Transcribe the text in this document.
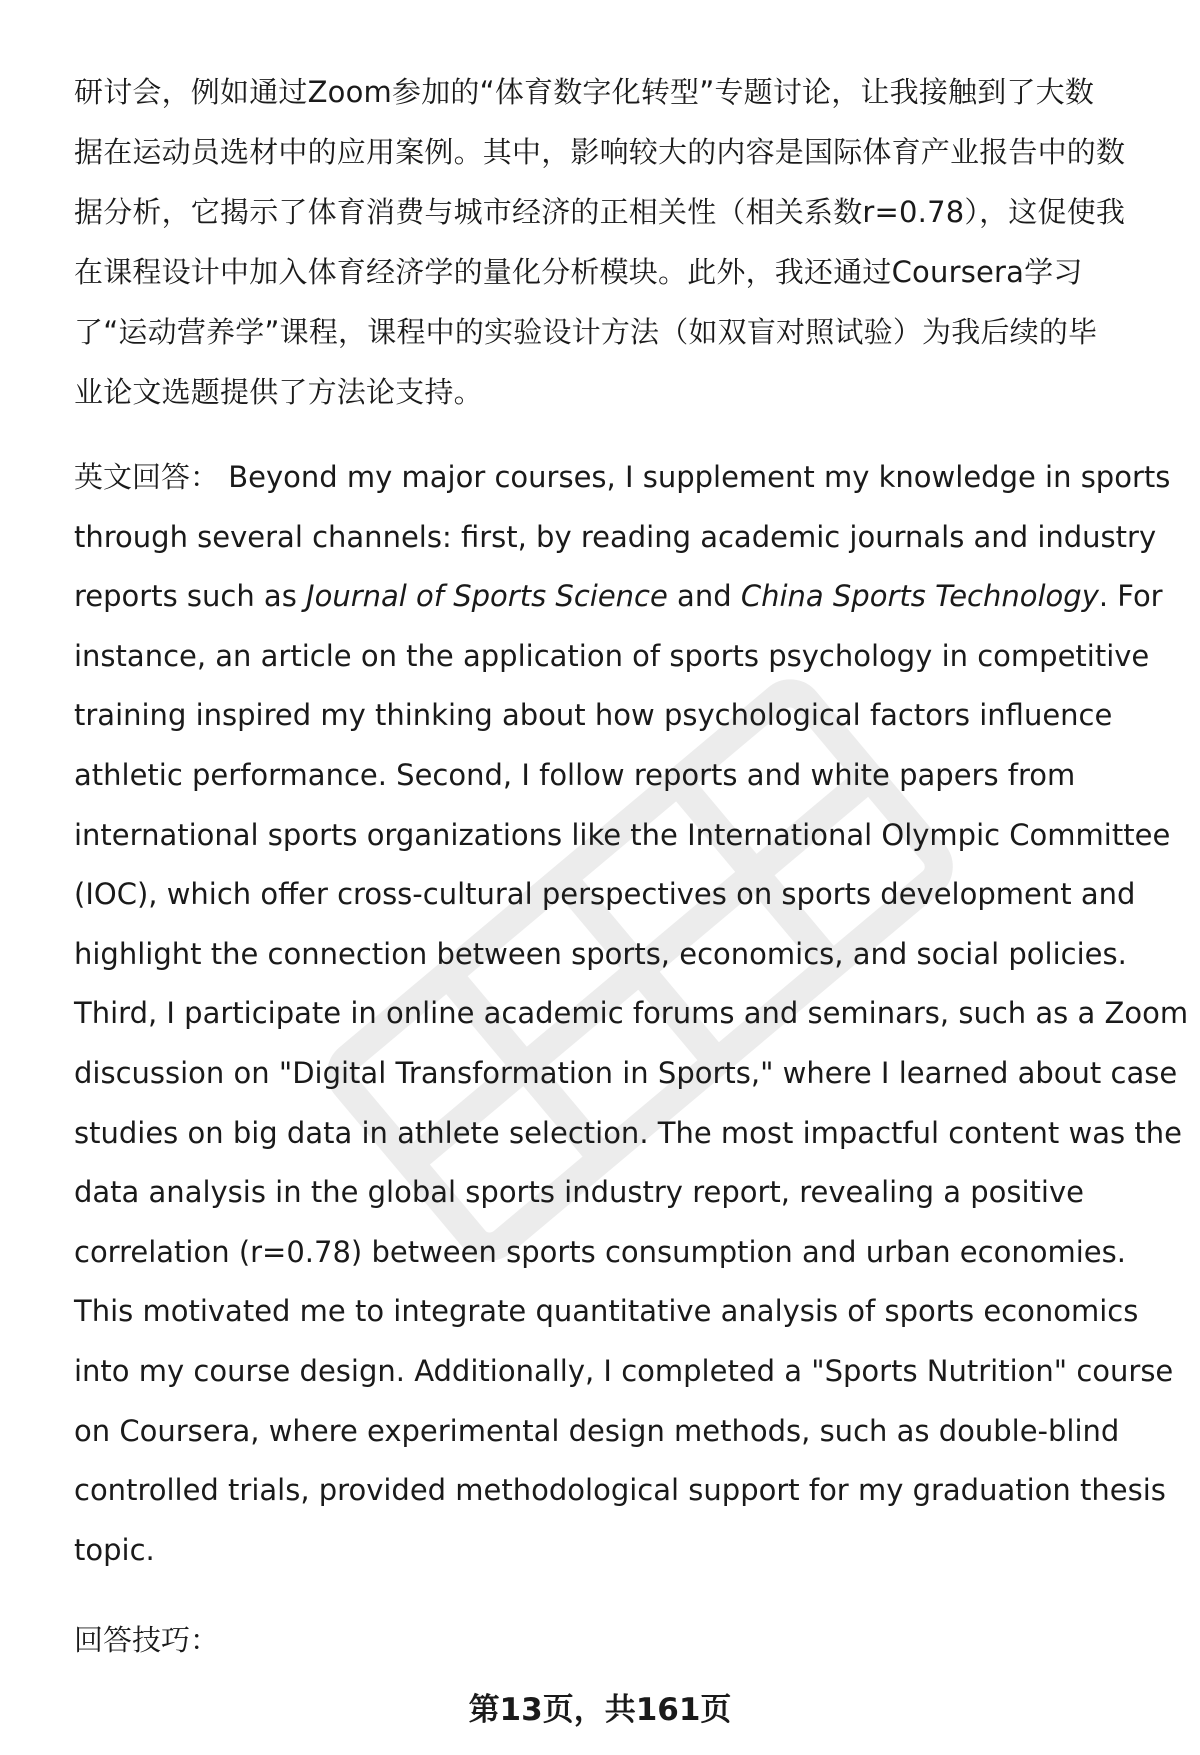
研讨会，例如通过Zoom参加的“体育数字化转型”专题讨论，让我接触到了大数
据在运动员选材中的应用案例。其中，影响较大的内容是国际体育产业报告中的数
据分析，它揭示了体育消费与城市经济的正相关性（相关系数r=0.78），这促使我
在课程设计中加入体育经济学的量化分析模块。此外，我还通过Coursera学习
了“运动营养学”课程，课程中的实验设计方法（如双盲对照试验）为我后续的毕
业论文选题提供了方法论支持。
英文回答： Beyond my major courses, I supplement my knowledge in sports
through several channels: first, by reading academic journals and industry
reports such as Journal of Sports Science and China Sports Technology. For
instance, an article on the application of sports psychology in competitive
training inspired my thinking about how psychological factors influence
athletic performance. Second, I follow reports and white papers from
international sports organizations like the International Olympic Committee
(IOC), which offer cross-cultural perspectives on sports development and
highlight the connection between sports, economics, and social policies.
Third, I participate in online academic forums and seminars, such as a Zoom
discussion on "Digital Transformation in Sports," where I learned about case
studies on big data in athlete selection. The most impactful content was the
data analysis in the global sports industry report, revealing a positive
correlation (r=0.78) between sports consumption and urban economies.
This motivated me to integrate quantitative analysis of sports economics
into my course design. Additionally, I completed a "Sports Nutrition" course
on Coursera, where experimental design methods, such as double-blind
controlled trials, provided methodological support for my graduation thesis
topic.
回答技巧：
第13页，共161页
